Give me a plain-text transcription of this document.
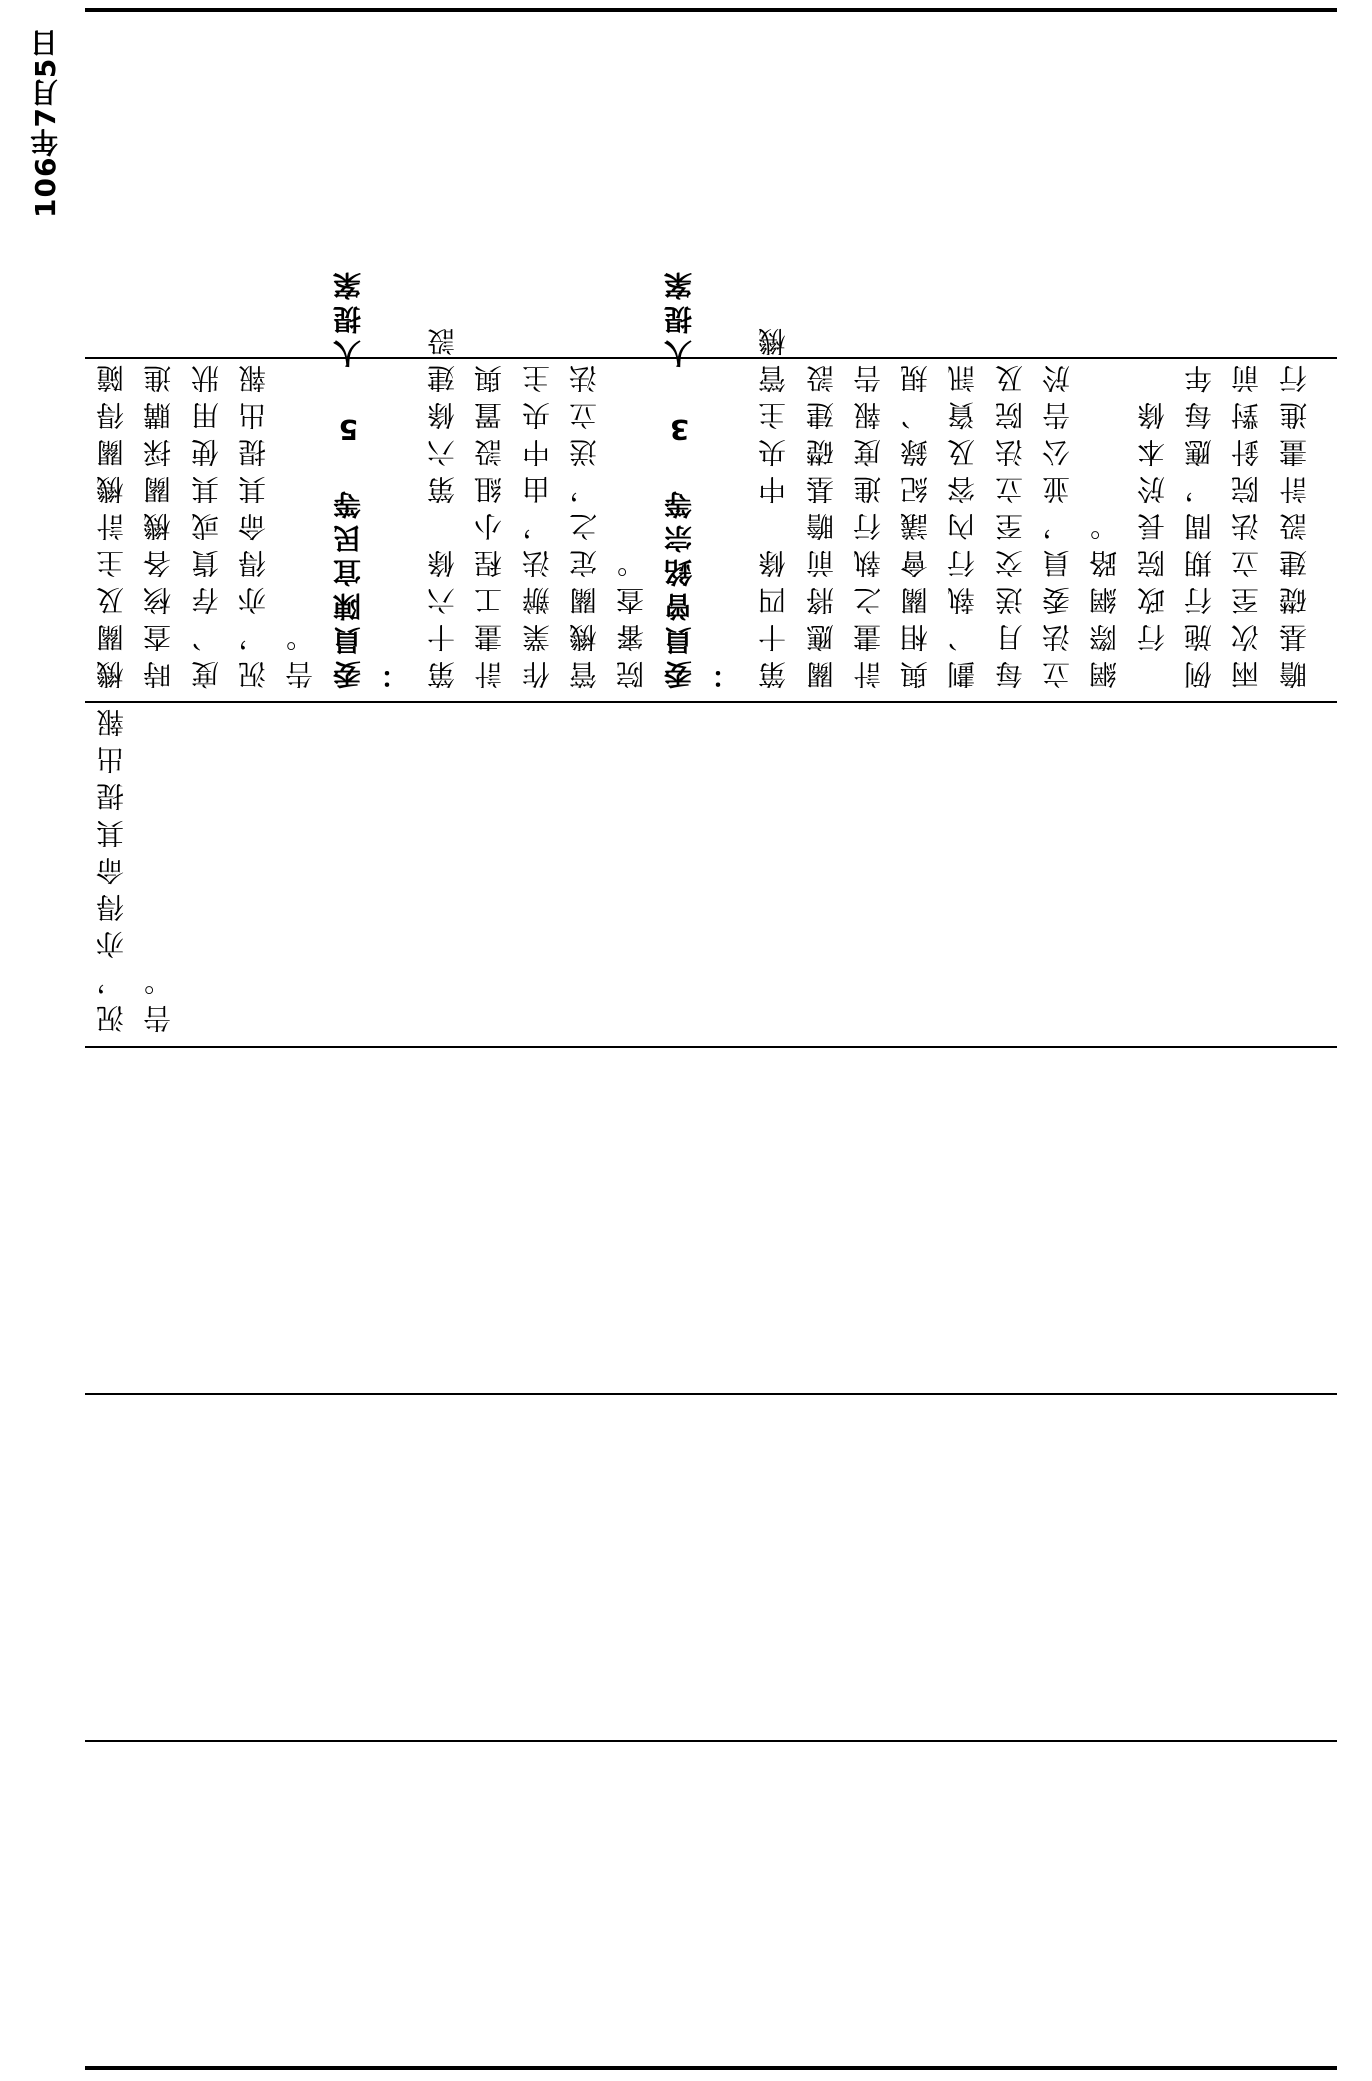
106年7月5日
機關及主計機關得隨 時查核各機關採購進 度、存貨或其使用狀 況，亦得命其提出報 告。 委員陳宜民等 5 人提案 ： 第十六條　第六條建設 計畫工程小組設置與 作業辦法，由中央主 管機關定之，送立法 院審查。 委員曾銘宗等 3 人提案 ： 第十四條　中央主管機 關應將前瞻基礎建設 計畫之執行進度報告 與相關會議紀錄、規 劃、執行內容及資訊 每月送交至立法院及 立法委員，並公告於 網際網路。 　行政院長於本條 例施行期間，應每年 兩次至立法院針對前 瞻基礎建設計畫進行
況，亦得命其提出報 告。
